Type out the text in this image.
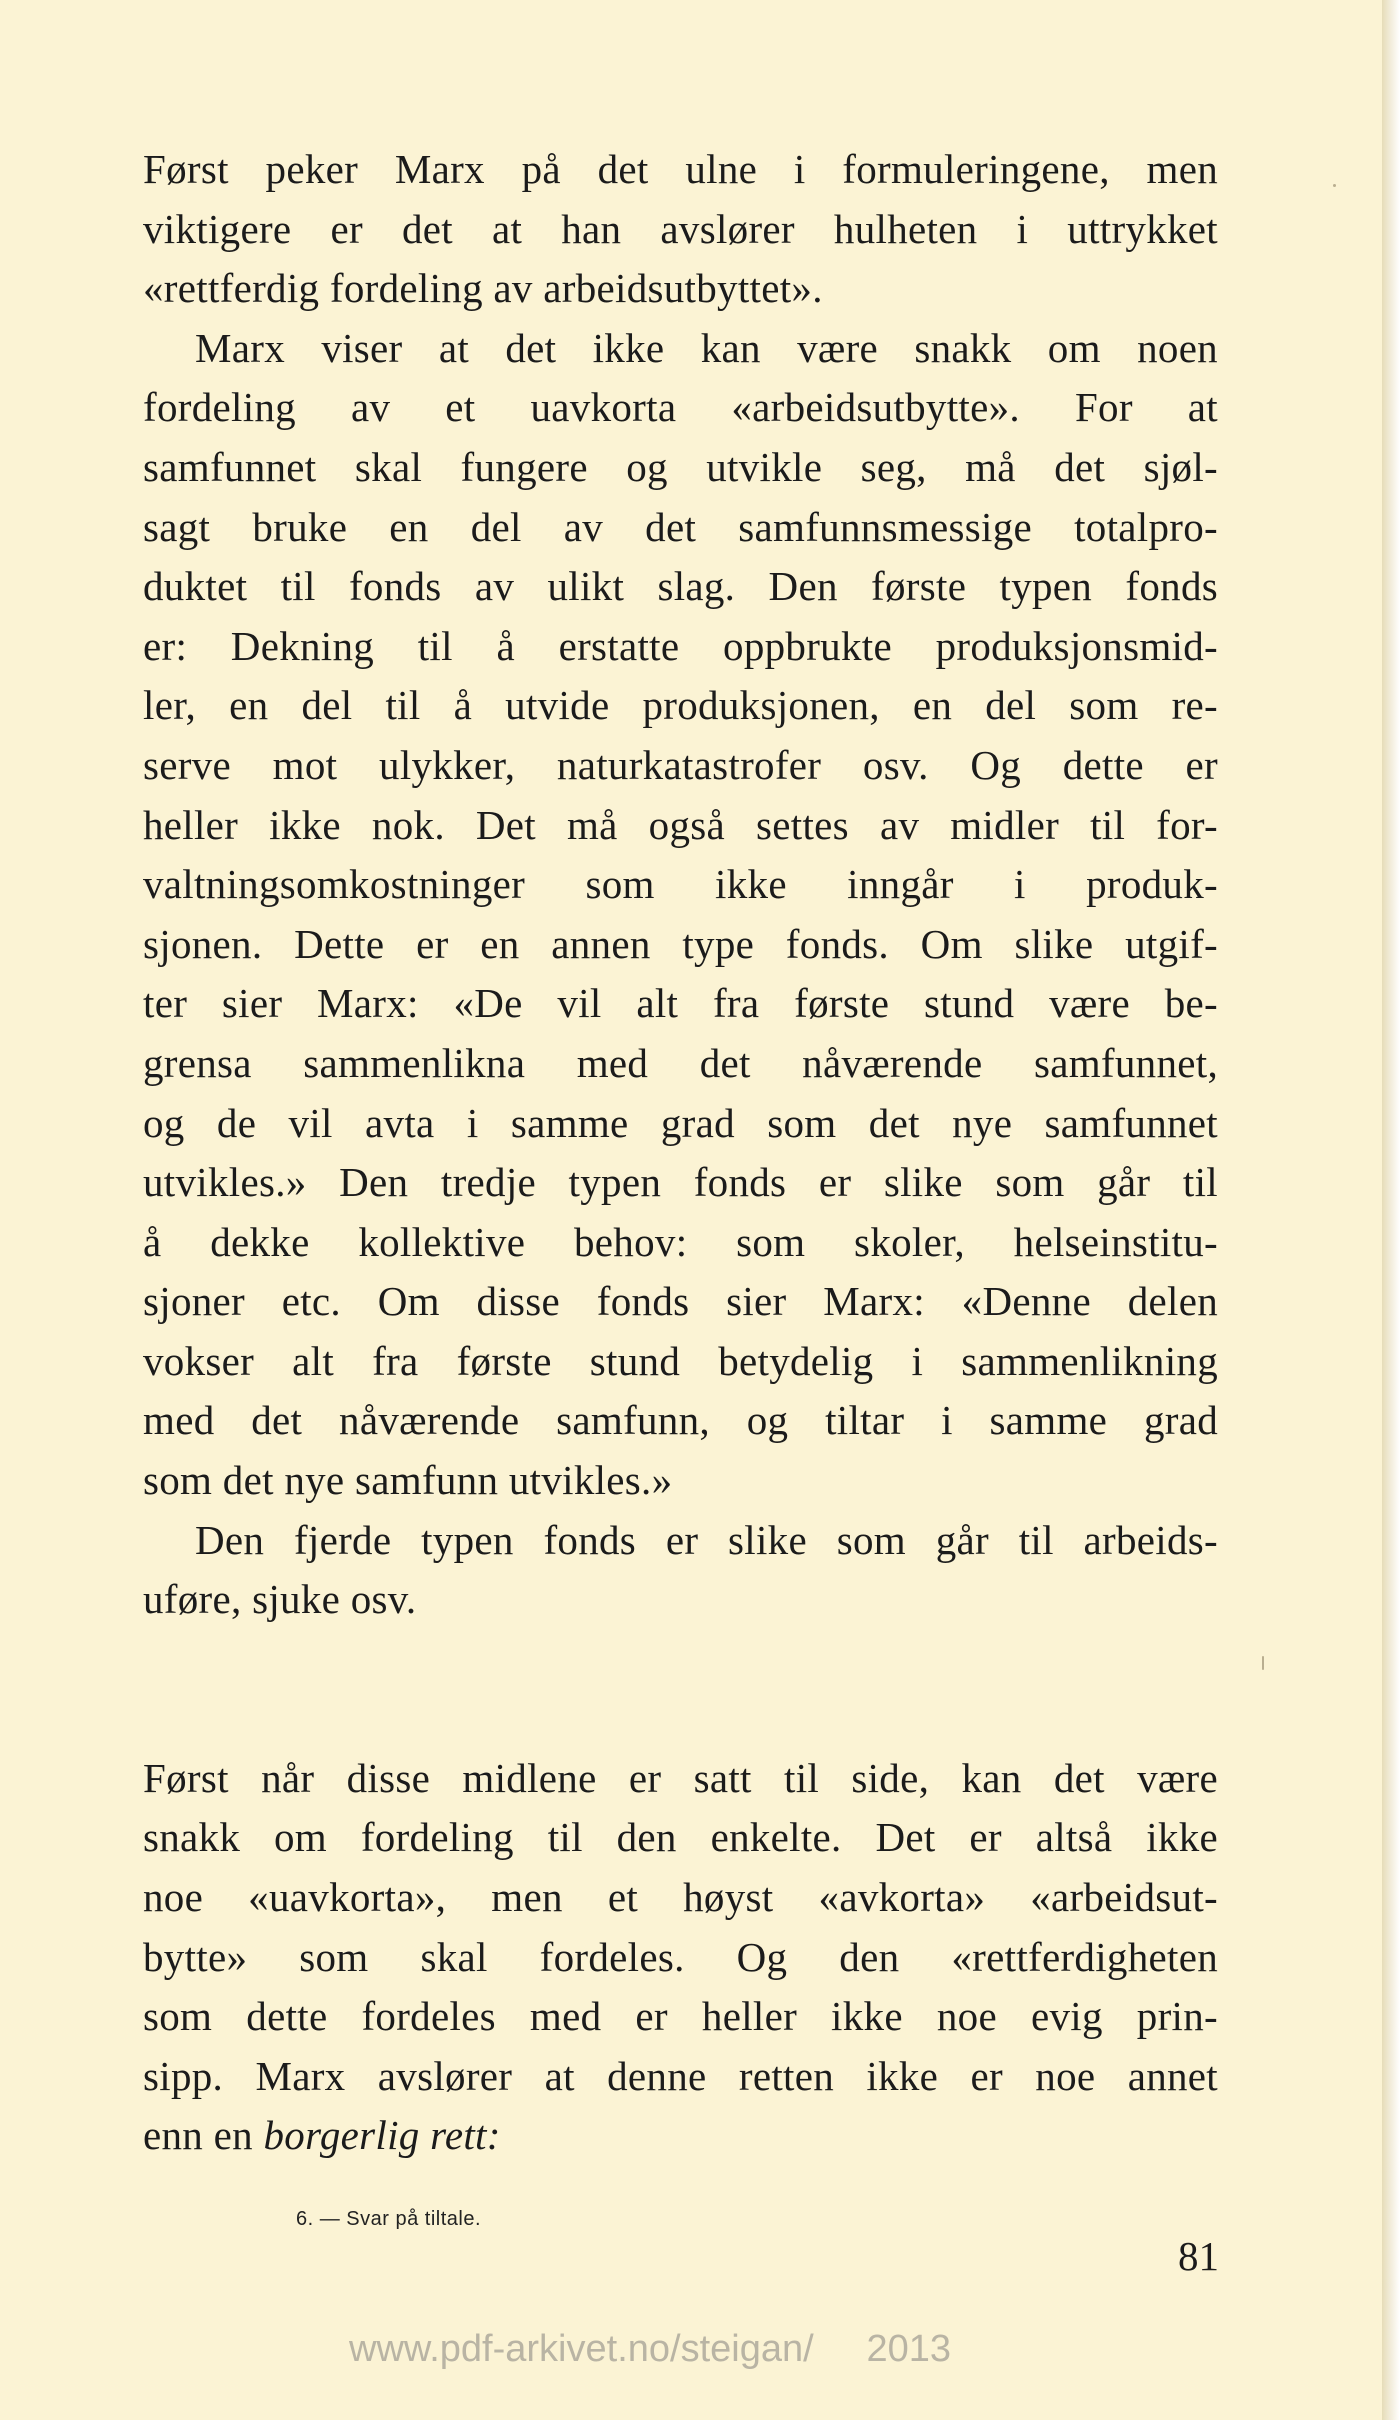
Først peker Marx på det ulne i formuleringene, men
viktigere er det at han avslører hulheten i uttrykket
«rettferdig fordeling av arbeidsutbyttet».
Marx viser at det ikke kan være snakk om noen
fordeling av et uavkorta «arbeidsutbytte». For at
samfunnet skal fungere og utvikle seg, må det sjøl-
sagt bruke en del av det samfunnsmessige totalpro-
duktet til fonds av ulikt slag. Den første typen fonds
er: Dekning til å erstatte oppbrukte produksjonsmid-
ler, en del til å utvide produksjonen, en del som re-
serve mot ulykker, naturkatastrofer osv. Og dette er
heller ikke nok. Det må også settes av midler til for-
valtningsomkostninger som ikke inngår i produk-
sjonen. Dette er en annen type fonds. Om slike utgif-
ter sier Marx: «De vil alt fra første stund være be-
grensa sammenlikna med det nåværende samfunnet,
og de vil avta i samme grad som det nye samfunnet
utvikles.» Den tredje typen fonds er slike som går til
å dekke kollektive behov: som skoler, helseinstitu-
sjoner etc. Om disse fonds sier Marx: «Denne delen
vokser alt fra første stund betydelig i sammenlikning
med det nåværende samfunn, og tiltar i samme grad
som det nye samfunn utvikles.»
Den fjerde typen fonds er slike som går til arbeids-
uføre, sjuke osv.
Først når disse midlene er satt til side, kan det være
snakk om fordeling til den enkelte. Det er altså ikke
noe «uavkorta», men et høyst «avkorta» «arbeidsut-
bytte» som skal fordeles. Og den «rettferdigheten
som dette fordeles med er heller ikke noe evig prin-
sipp. Marx avslører at denne retten ikke er noe annet
enn en borgerlig rett:
6. — Svar på tiltale.
81
www.pdf-arkivet.no/steigan/     2013
